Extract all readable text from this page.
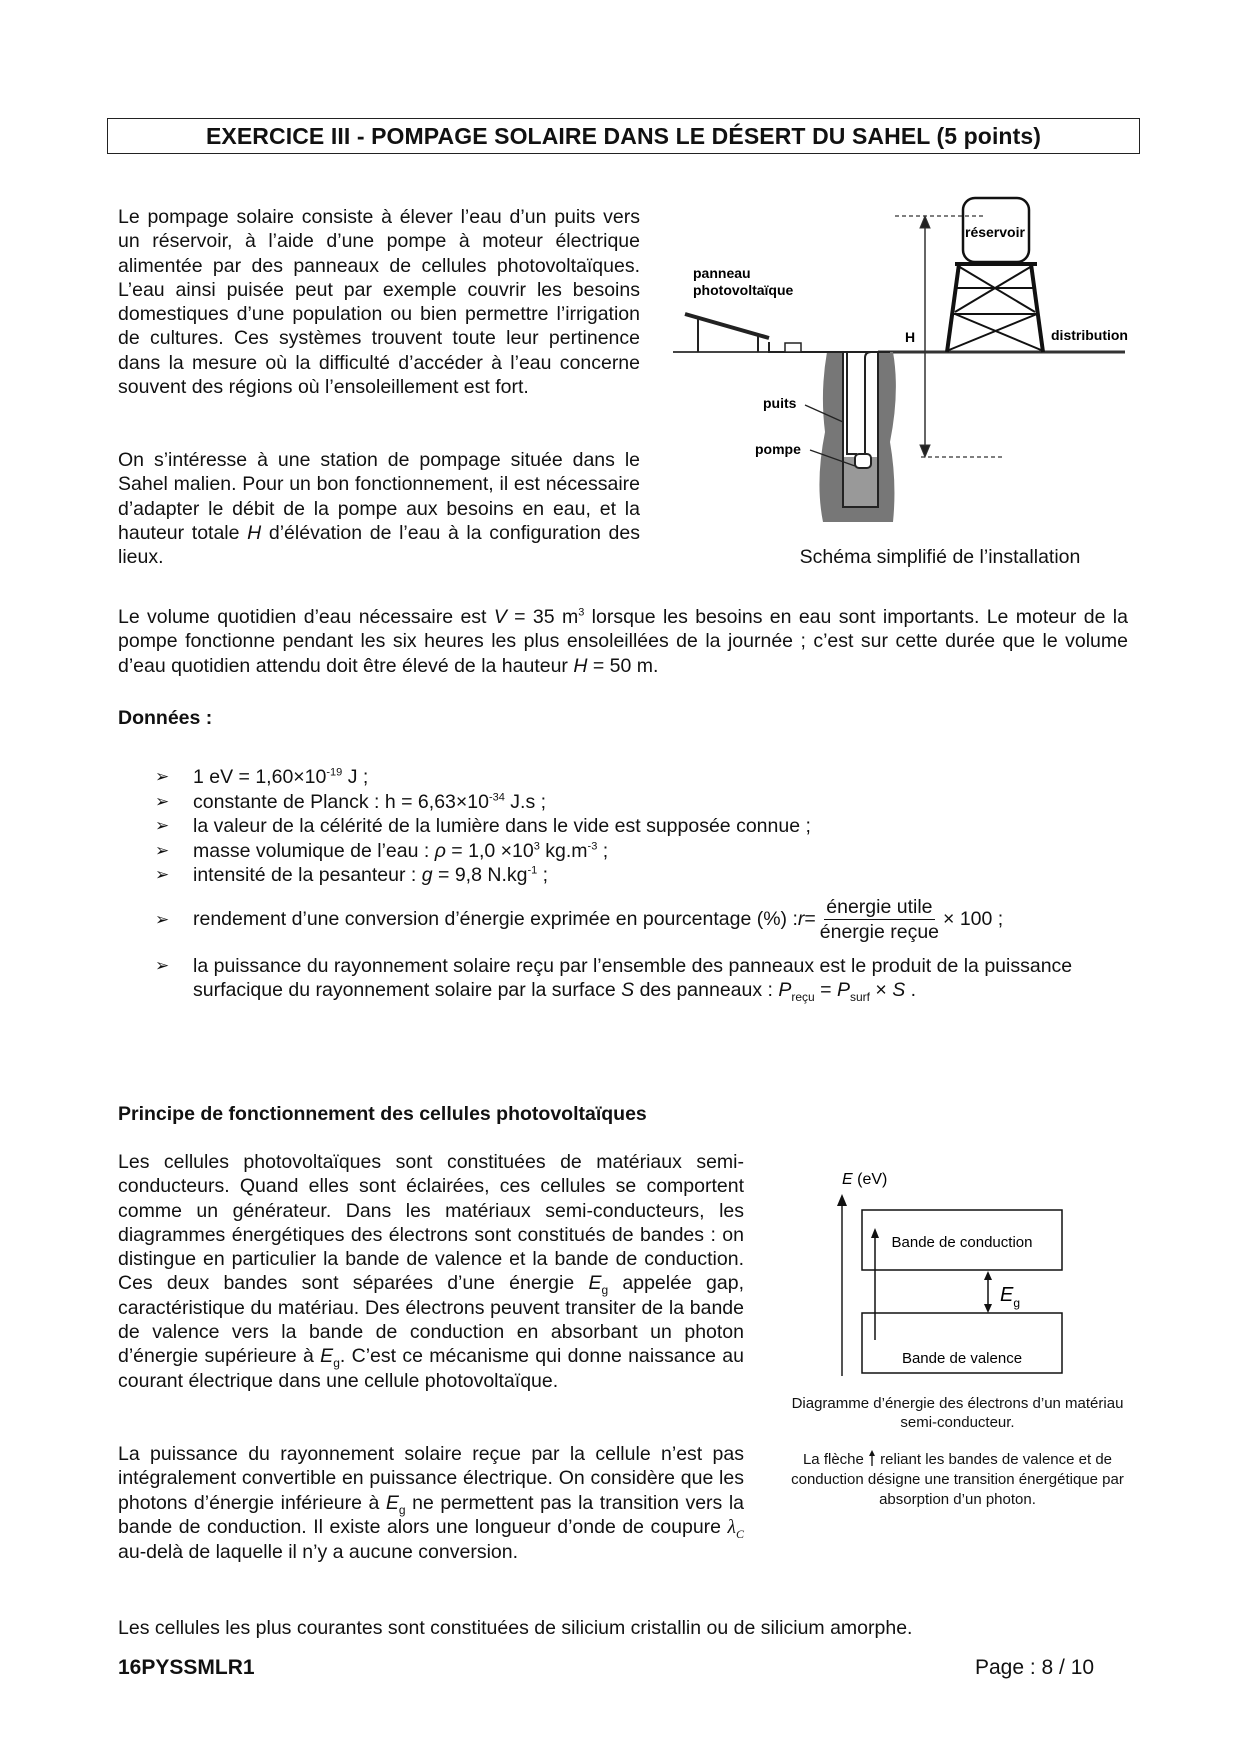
EXERCICE III - POMPAGE SOLAIRE DANS LE DÉSERT DU SAHEL (5 points)
Le pompage solaire consiste à élever l’eau d’un puits vers un réservoir, à l’aide d’une pompe à moteur électrique alimentée par des panneaux de cellules photovoltaïques. L’eau ainsi puisée peut par exemple couvrir les besoins domestiques d’une population ou bien permettre l’irrigation de cultures. Ces systèmes trouvent toute leur pertinence dans la mesure où la difficulté d’accéder à l’eau concerne souvent des régions où l’ensoleillement est fort.
On s’intéresse à une station de pompage située dans le Sahel malien. Pour un bon fonctionnement, il est nécessaire d’adapter le débit de la pompe aux besoins en eau, et la hauteur totale H d’élévation de l’eau à la configuration des lieux.
panneau
photovoltaïque
réservoir
H	distribution
puits
pompe
Schéma simplifié de l’installation
Le volume quotidien d’eau nécessaire est V = 35 $m^3$ lorsque les besoins en eau sont importants. Le moteur de la pompe fonctionne pendant les six heures les plus ensoleillées de la journée ; c’est sur cette durée que le volume d’eau quotidien attendu doit être élevé de la hauteur H = 50 m.
Données :
➢ 1 eV = $1,60\times 10^{-19}$ J ;
➢ constante de Planck : $h = 6,63\times 10^{-34}$ J.s ;
➢ la valeur de la célérité de la lumière dans le vide est supposée connue ;
➢ masse volumique de l’eau : $\rho = 1,0 \times 10^3$ $kg.m^{-3}$ ;
➢ intensité de la pesanteur : g = 9,8 $N.kg^{-1}$ ;
➢ rendement d’une conversion d’énergie exprimée en pourcentage (%) : $r = \frac{\text{énergie utile}}{\text{énergie reçue}} \times 100$ ;
➢ la puissance du rayonnement solaire reçu par l’ensemble des panneaux est le produit de la puissance surfacique du rayonnement solaire par la surface S des panneaux : $P_{reçu} = P_{surf} \times S$ .
Principe de fonctionnement des cellules photovoltaïques
Les cellules photovoltaïques sont constituées de matériaux semi-conducteurs. Quand elles sont éclairées, ces cellules se comportent comme un générateur. Dans les matériaux semi-conducteurs, les diagrammes énergétiques des électrons sont constitués de bandes : on distingue en particulier la bande de valence et la bande de conduction. Ces deux bandes sont séparées d’une énergie $E_g$ appelée gap, caractéristique du matériau. Des électrons peuvent transiter de la bande de valence vers la bande de conduction en absorbant un photon d’énergie supérieure à $E_g$. C’est ce mécanisme qui donne naissance au courant électrique dans une cellule photovoltaïque.
La puissance du rayonnement solaire reçue par la cellule n’est pas intégralement convertible en puissance électrique. On considère que les photons d’énergie inférieure à $E_g$ ne permettent pas la transition vers la bande de conduction. Il existe alors une longueur d’onde de coupure $\lambda_C$ au-delà de laquelle il n’y a aucune conversion.
Les cellules les plus courantes sont constituées de silicium cristallin ou de silicium amorphe.
E (eV)
Bande de conduction
Bande de valence
$E_g$
Diagramme d’énergie des électrons d’un matériau semi-conducteur.
La flèche  reliant les bandes de valence et de conduction désigne une transition énergétique par absorption d’un photon.
16PYSSMLR1	Page : 8 / 10
